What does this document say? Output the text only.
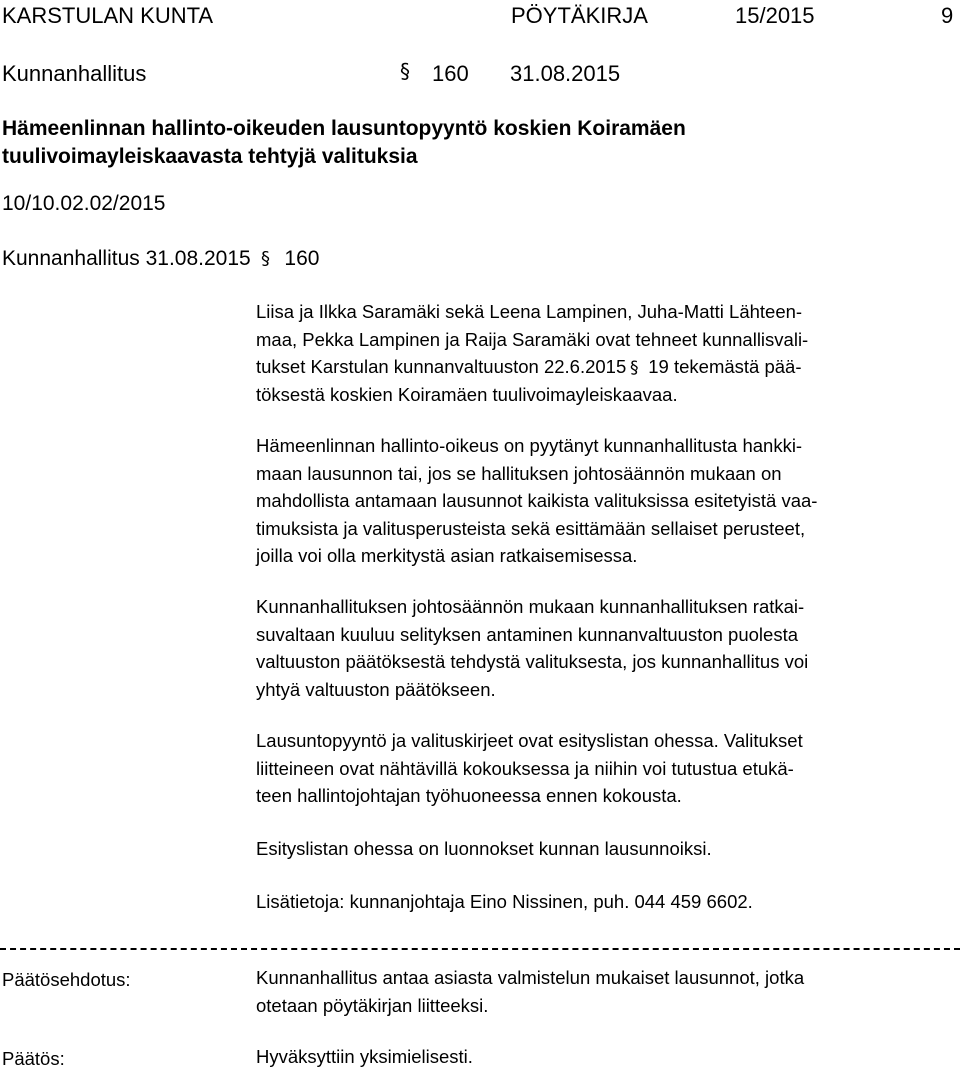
KARSTULAN KUNTA	PÖYTÄKIRJA	15/2015	9
Kunnanhallitus	§ 160 31.08.2015
Hämeenlinnan hallinto-oikeuden lausuntopyyntö koskien Koiramäen
tuulivoimayleiskaavasta tehtyjä valituksia
10/10.02.02/2015
Kunnanhallitus 31.08.2015 § 160
Liisa ja Ilkka Saramäki sekä Leena Lampinen, Juha-Matti Lähteen-
maa, Pekka Lampinen ja Raija Saramäki ovat tehneet kunnallisvali-
tukset Karstulan kunnanvaltuuston 22.6.2015 § 19 tekemästä pää-
töksestä koskien Koiramäen tuulivoimayleiskaavaa.
Hämeenlinnan hallinto-oikeus on pyytänyt kunnanhallitusta hankki-
maan lausunnon tai, jos se hallituksen johtosäännön mukaan on
mahdollista antamaan lausunnot kaikista valituksissa esitetyistä vaa-
timuksista ja valitusperusteista sekä esittämään sellaiset perusteet,
joilla voi olla merkitystä asian ratkaisemisessa.
Kunnanhallituksen johtosäännön mukaan kunnanhallituksen ratkai-
suvaltaan kuuluu selityksen antaminen kunnanvaltuuston puolesta
valtuuston päätöksestä tehdystä valituksesta, jos kunnanhallitus voi
yhtyä valtuuston päätökseen.
Lausuntopyyntö ja valituskirjeet ovat esityslistan ohessa. Valitukset
liitteineen ovat nähtävillä kokouksessa ja niihin voi tutustua etukä-
teen hallintojohtajan työhuoneessa ennen kokousta.
Esityslistan ohessa on luonnokset kunnan lausunnoiksi.
Lisätietoja: kunnanjohtaja Eino Nissinen, puh. 044 459 6602.
Päätösehdotus:	Kunnanhallitus antaa asiasta valmistelun mukaiset lausunnot, jotka
otetaan pöytäkirjan liitteeksi.
Päätös:	Hyväksyttiin yksimielisesti.
